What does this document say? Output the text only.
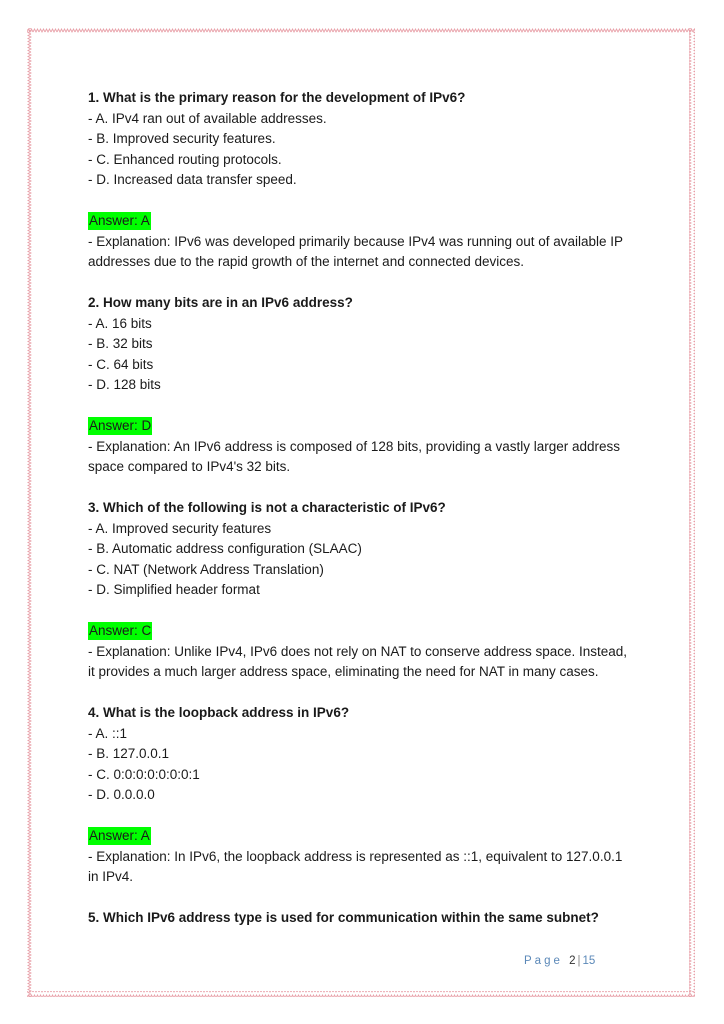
1. What is the primary reason for the development of IPv6?
- A. IPv4 ran out of available addresses.
- B. Improved security features.
- C. Enhanced routing protocols.
- D. Increased data transfer speed.
Answer: A
- Explanation: IPv6 was developed primarily because IPv4 was running out of available IP addresses due to the rapid growth of the internet and connected devices.
2. How many bits are in an IPv6 address?
- A. 16 bits
- B. 32 bits
- C. 64 bits
- D. 128 bits
Answer: D
- Explanation: An IPv6 address is composed of 128 bits, providing a vastly larger address space compared to IPv4's 32 bits.
3. Which of the following is not a characteristic of IPv6?
- A. Improved security features
- B. Automatic address configuration (SLAAC)
- C. NAT (Network Address Translation)
- D. Simplified header format
Answer: C
- Explanation: Unlike IPv4, IPv6 does not rely on NAT to conserve address space. Instead, it provides a much larger address space, eliminating the need for NAT in many cases.
4. What is the loopback address in IPv6?
- A. ::1
- B. 127.0.0.1
- C. 0:0:0:0:0:0:0:1
- D. 0.0.0.0
Answer: A
- Explanation: In IPv6, the loopback address is represented as ::1, equivalent to 127.0.0.1 in IPv4.
5. Which IPv6 address type is used for communication within the same subnet?
Page 2 | 15
